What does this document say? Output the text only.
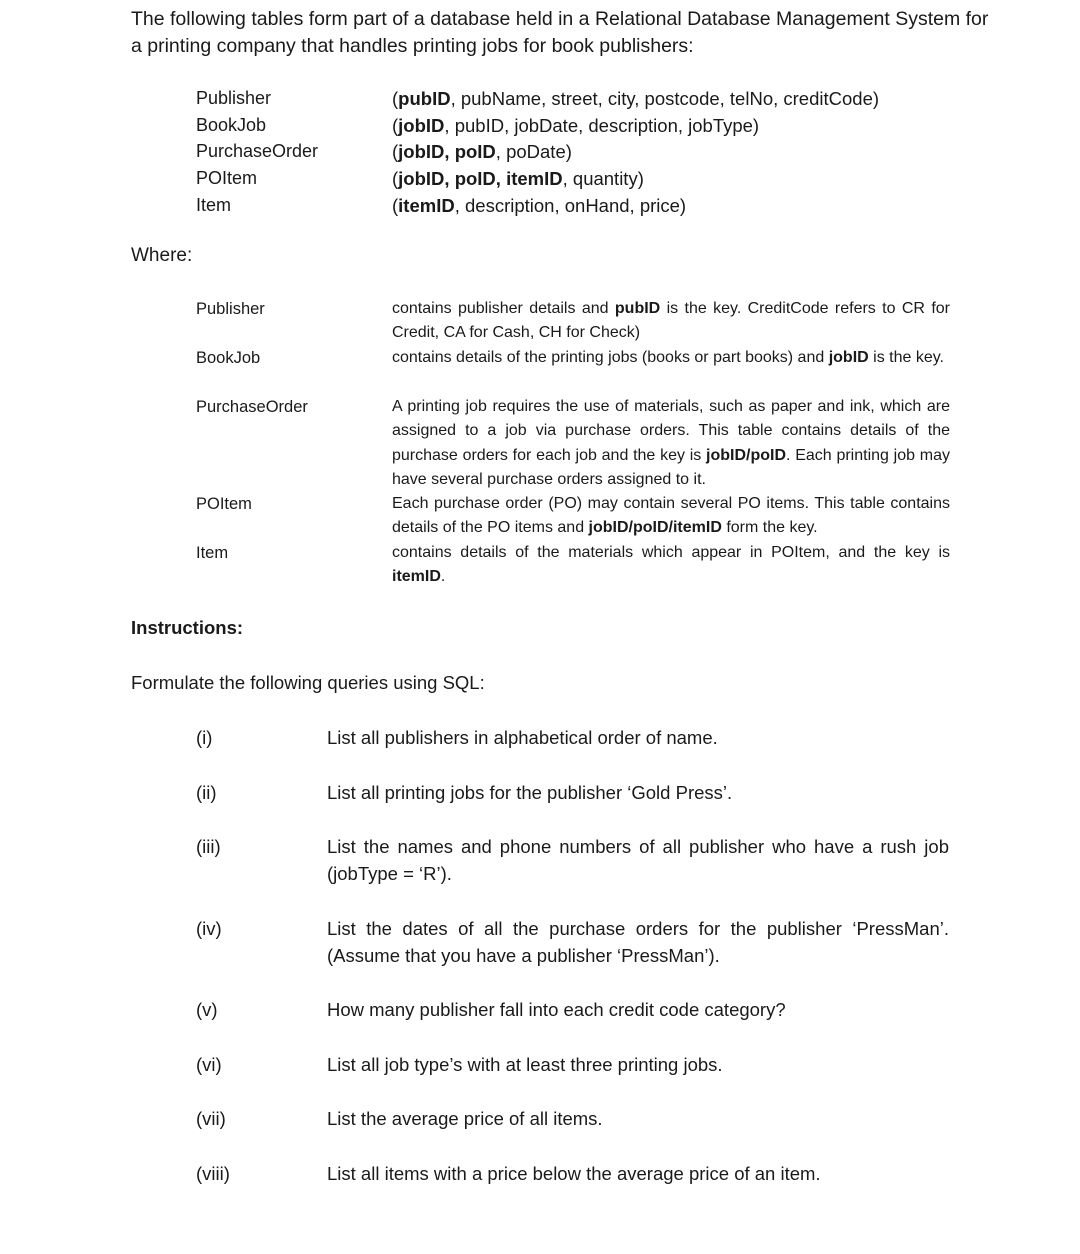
The following tables form part of a database held in a Relational Database Management System for a printing company that handles printing jobs for book publishers:

Publisher	(pubID, pubName, street, city, postcode, telNo, creditCode)
BookJob	(jobID, pubID, jobDate, description, jobType)
PurchaseOrder	(jobID, poID, poDate)
POItem	(jobID, poID, itemID, quantity)
Item	(itemID, description, onHand, price)

Where:

Publisher	contains publisher details and pubID is the key. CreditCode refers to CR for Credit, CA for Cash, CH for Check)
BookJob	contains details of the printing jobs (books or part books) and jobID is the key.
PurchaseOrder	A printing job requires the use of materials, such as paper and ink, which are assigned to a job via purchase orders. This table contains details of the purchase orders for each job and the key is jobID/poID. Each printing job may have several purchase orders assigned to it.
POItem	Each purchase order (PO) may contain several PO items. This table contains details of the PO items and jobID/poID/itemID form the key.
Item	contains details of the materials which appear in POItem, and the key is itemID.

Instructions:

Formulate the following queries using SQL:

(i)	List all publishers in alphabetical order of name.
(ii)	List all printing jobs for the publisher ‘Gold Press’.
(iii)	List the names and phone numbers of all publisher who have a rush job (jobType = ‘R’).
(iv)	List the dates of all the purchase orders for the publisher ‘PressMan’. (Assume that you have a publisher ‘PressMan’).
(v)	How many publisher fall into each credit code category?
(vi)	List all job type’s with at least three printing jobs.
(vii)	List the average price of all items.
(viii)	List all items with a price below the average price of an item.
